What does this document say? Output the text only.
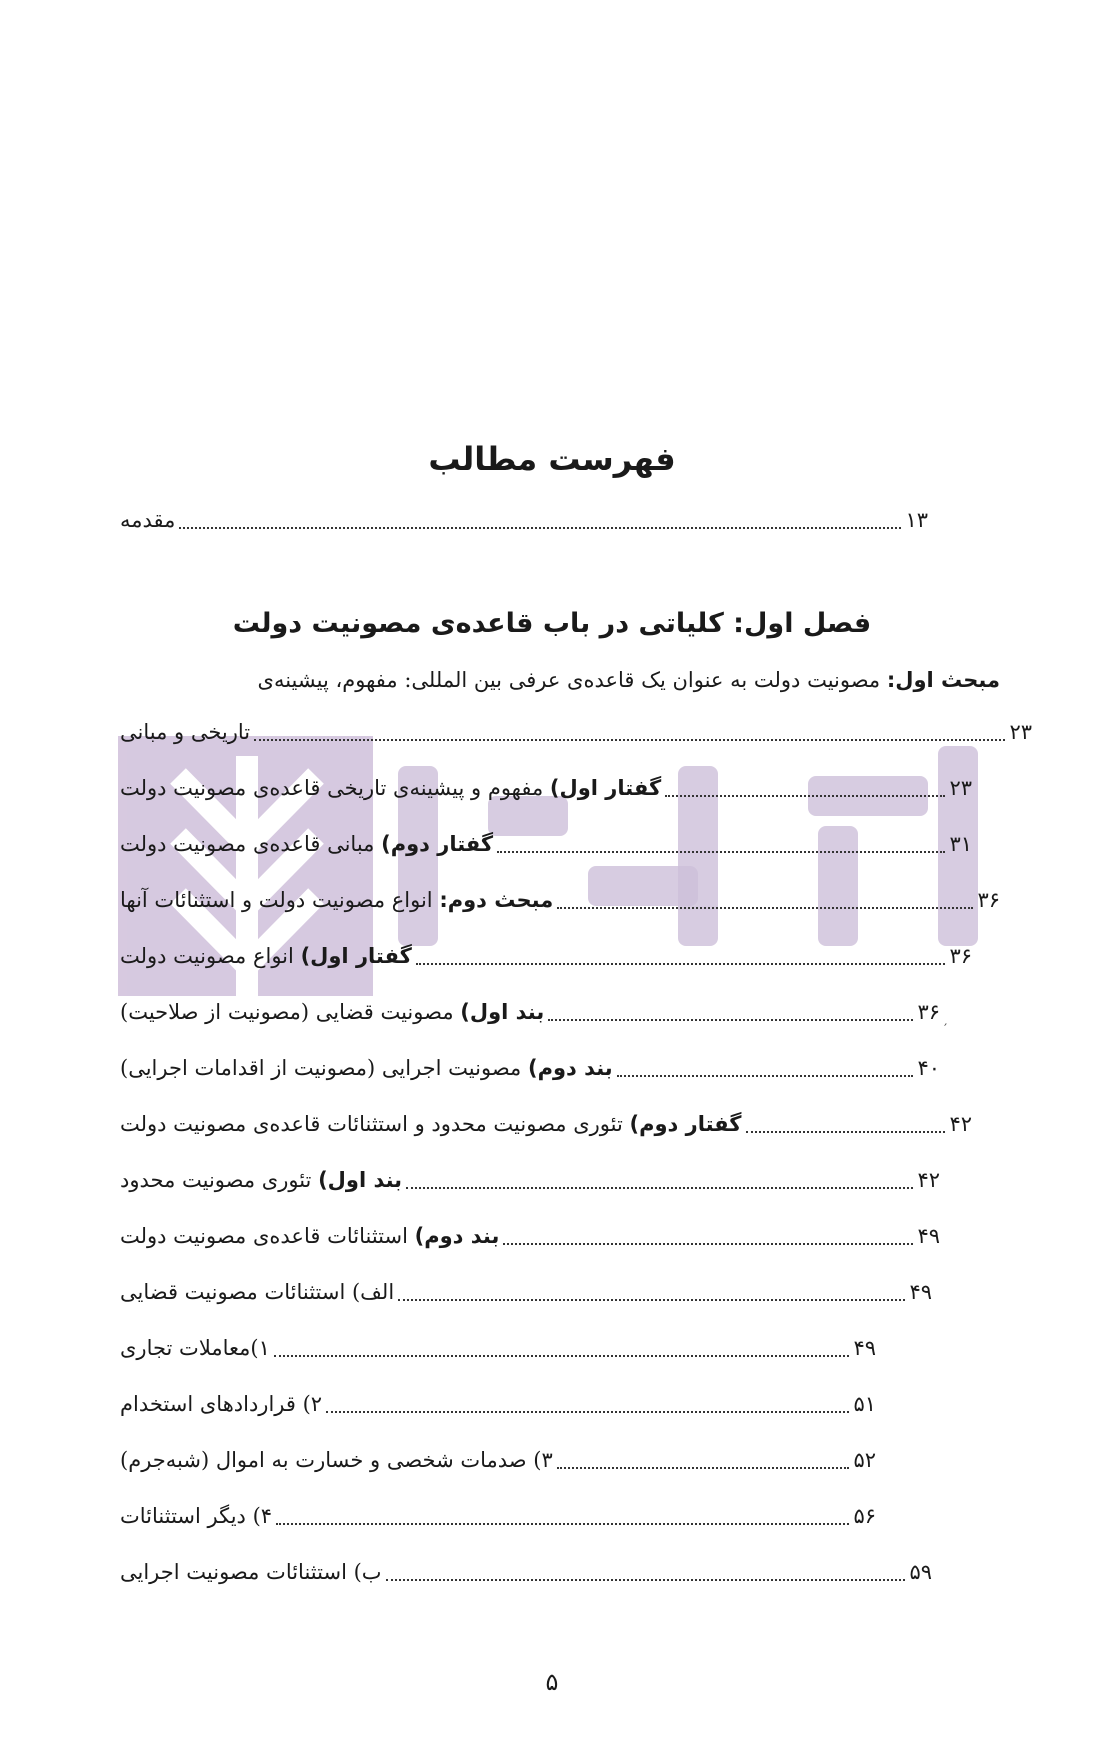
فهرست مطالب
مقدمه	۱۳
فصل اول: کلیاتی در باب قاعده‌ی مصونیت دولت
مبحث اول: مصونیت دولت به عنوان یک قاعده‌ی عرفی بین المللی: مفهوم، پیشینه‌ی
تاریخی و مبانی	۲۳
گفتار اول) مفهوم و پیشینه‌ی تاریخی قاعده‌ی مصونیت دولت	۲۳
گفتار دوم) مبانی قاعده‌ی مصونیت دولت	۳۱
مبحث دوم: انواع مصونیت دولت و استثنائات آنها	۳۶
گفتار اول) انواع مصونیت دولت	۳۶
بند اول) مصونیت قضایی (مصونیت از صلاحیت)	۳۶
′
بند دوم) مصونیت اجرایی (مصونیت از اقدامات اجرایی)	۴۰
گفتار دوم) تئوری مصونیت محدود و استثنائات قاعده‌ی مصونیت دولت	۴۲
بند اول) تئوری مصونیت محدود	۴۲
بند دوم) استثنائات قاعده‌ی مصونیت دولت	۴۹
الف) استثنائات مصونیت قضایی	۴۹
۱)معاملات تجاری	۴۹
۲) قراردادهای استخدام	۵۱
۳) صدمات شخصی و خسارت به اموال (شبه‌جرم)	۵۲
۴) دیگر استثنائات	۵۶
ب) استثنائات مصونیت اجرایی	۵۹
۵
